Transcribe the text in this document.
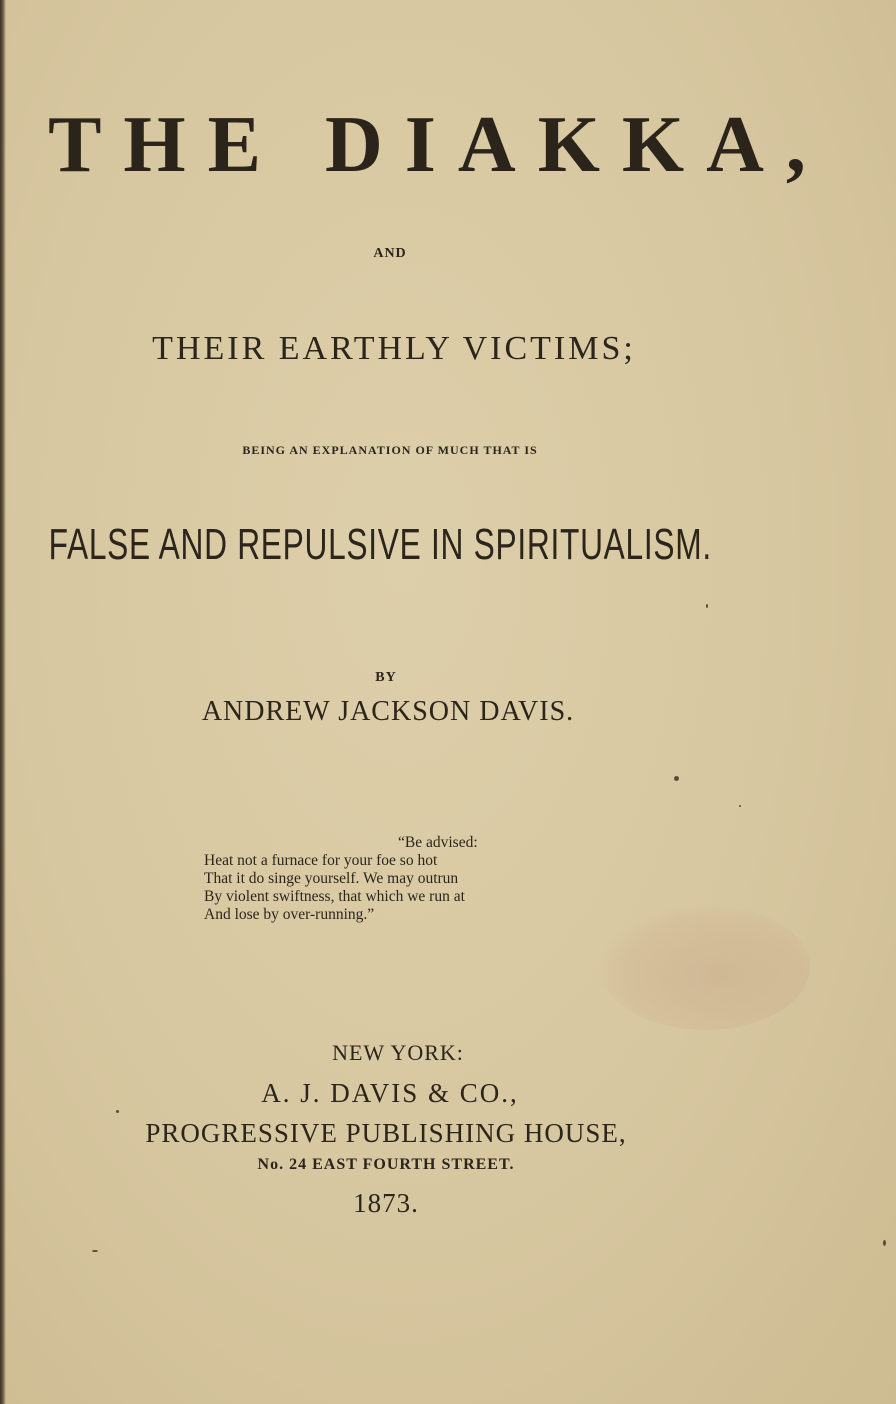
THE DIAKKA,
AND
THEIR EARTHLY VICTIMS;
BEING AN EXPLANATION OF MUCH THAT IS
FALSE AND REPULSIVE IN SPIRITUALISM.
BY
ANDREW JACKSON DAVIS.
“Be advised:
Heat not a furnace for your foe so hot
That it do singe yourself. We may outrun
By violent swiftness, that which we run at
And lose by over-running.”
NEW YORK:
A. J. DAVIS & CO.,
PROGRESSIVE PUBLISHING HOUSE,
No. 24 EAST FOURTH STREET.
1873.
